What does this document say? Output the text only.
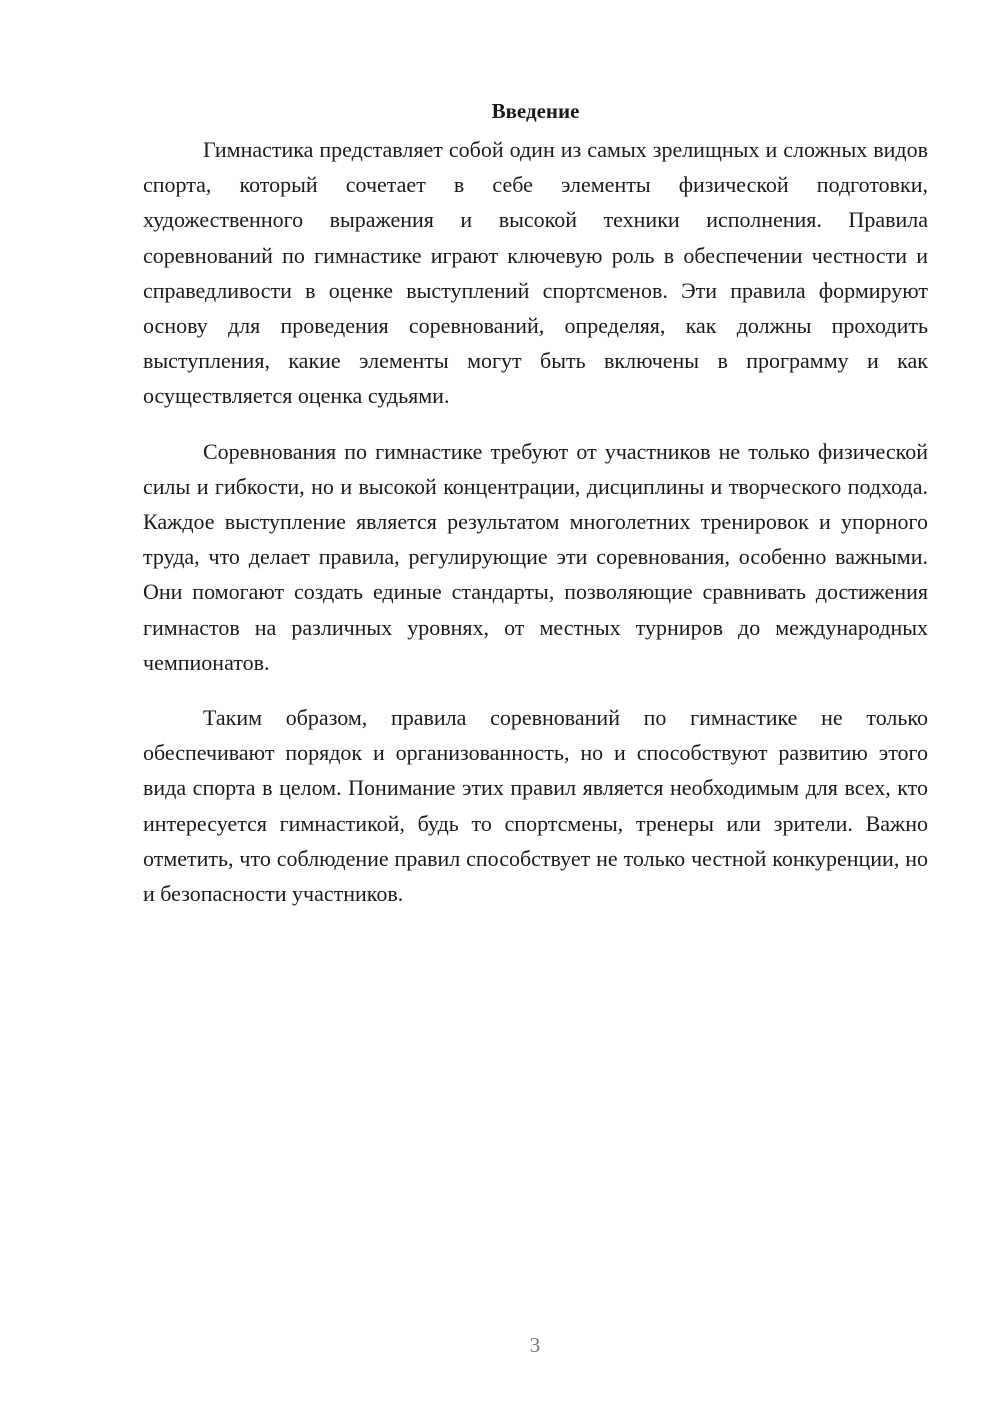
Введение

Гимнастика представляет собой один из самых зрелищных и сложных видов спорта, который сочетает в себе элементы физической подготовки, художественного выражения и высокой техники исполнения. Правила соревнований по гимнастике играют ключевую роль в обеспечении честности и справедливости в оценке выступлений спортсменов. Эти правила формируют основу для проведения соревнований, определяя, как должны проходить выступления, какие элементы могут быть включены в программу и как осуществляется оценка судьями.

Соревнования по гимнастике требуют от участников не только физической силы и гибкости, но и высокой концентрации, дисциплины и творческого подхода. Каждое выступление является результатом многолетних тренировок и упорного труда, что делает правила, регулирующие эти соревнования, особенно важными. Они помогают создать единые стандарты, позволяющие сравнивать достижения гимнастов на различных уровнях, от местных турниров до международных чемпионатов.

Таким образом, правила соревнований по гимнастике не только обеспечивают порядок и организованность, но и способствуют развитию этого вида спорта в целом. Понимание этих правил является необходимым для всех, кто интересуется гимнастикой, будь то спортсмены, тренеры или зрители. Важно отметить, что соблюдение правил способствует не только честной конкуренции, но и безопасности участников.

3
